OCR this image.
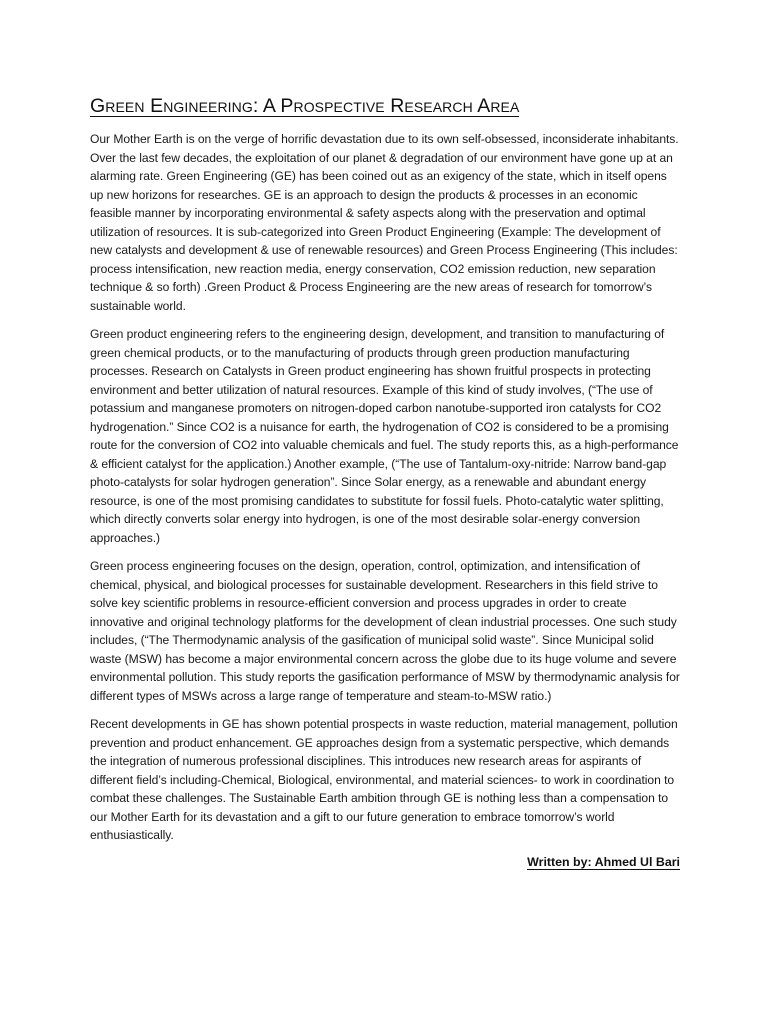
Green Engineering: A Prospective Research Area

Our Mother Earth is on the verge of horrific devastation due to its own self-obsessed, inconsiderate inhabitants. Over the last few decades, the exploitation of our planet & degradation of our environment have gone up at an alarming rate. Green Engineering (GE) has been coined out as an exigency of the state, which in itself opens up new horizons for researches. GE is an approach to design the products & processes in an economic feasible manner by incorporating environmental & safety aspects along with the preservation and optimal utilization of resources. It is sub-categorized into Green Product Engineering (Example: The development of new catalysts and development & use of renewable resources) and Green Process Engineering (This includes: process intensification, new reaction media, energy conservation, CO2 emission reduction, new separation technique & so forth) .Green Product & Process Engineering are the new areas of research for tomorrow’s sustainable world.

Green product engineering refers to the engineering design, development, and transition to manufacturing of green chemical products, or to the manufacturing of products through green production manufacturing processes. Research on Catalysts in Green product engineering has shown fruitful prospects in protecting environment and better utilization of natural resources. Example of this kind of study involves, (“The use of potassium and manganese promoters on nitrogen-doped carbon nanotube-supported iron catalysts for CO2 hydrogenation.” Since CO2 is a nuisance for earth, the hydrogenation of CO2 is considered to be a promising route for the conversion of CO2 into valuable chemicals and fuel. The study reports this, as a high-performance & efficient catalyst for the application.) Another example, (“The use of Tantalum-oxy-nitride: Narrow band-gap photo-catalysts for solar hydrogen generation”. Since Solar energy, as a renewable and abundant energy resource, is one of the most promising candidates to substitute for fossil fuels. Photo-catalytic water splitting, which directly converts solar energy into hydrogen, is one of the most desirable solar-energy conversion approaches.)

Green process engineering focuses on the design, operation, control, optimization, and intensification of chemical, physical, and biological processes for sustainable development. Researchers in this field strive to solve key scientific problems in resource-efficient conversion and process upgrades in order to create innovative and original technology platforms for the development of clean industrial processes. One such study includes, (“The Thermodynamic analysis of the gasification of municipal solid waste”. Since Municipal solid waste (MSW) has become a major environmental concern across the globe due to its huge volume and severe environmental pollution. This study reports the gasification performance of MSW by thermodynamic analysis for different types of MSWs across a large range of temperature and steam-to-MSW ratio.)

Recent developments in GE has shown potential prospects in waste reduction, material management, pollution prevention and product enhancement. GE approaches design from a systematic perspective, which demands the integration of numerous professional disciplines. This introduces new research areas for aspirants of different field’s including-Chemical, Biological, environmental, and material sciences- to work in coordination to combat these challenges. The Sustainable Earth ambition through GE is nothing less than a compensation to our Mother Earth for its devastation and a gift to our future generation to embrace tomorrow’s world enthusiastically.

Written by: Ahmed Ul Bari
